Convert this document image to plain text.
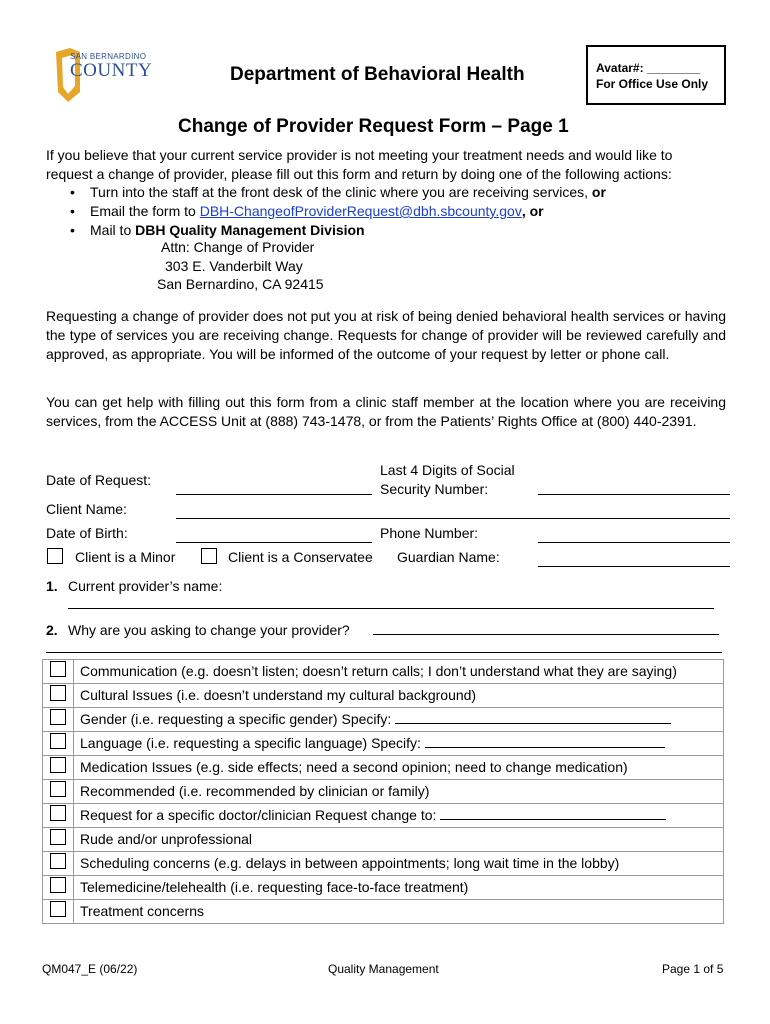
SAN BERNARDINO
COUNTY	Department of Behavioral Health	Avatar#: ________
For Office Use Only
Change of Provider Request Form – Page 1
If you believe that your current service provider is not meeting your treatment needs and would like to
request a change of provider, please fill out this form and return by doing one of the following actions:
• Turn into the staff at the front desk of the clinic where you are receiving services, or
• Email the form to DBH-ChangeofProviderRequest@dbh.sbcounty.gov, or
• Mail to DBH Quality Management Division
Attn: Change of Provider
303 E. Vanderbilt Way
San Bernardino, CA 92415
Requesting a change of provider does not put you at risk of being denied behavioral health services or having the type of services you are receiving change. Requests for change of provider will be reviewed carefully and approved, as appropriate. You will be informed of the outcome of your request by letter or phone call.
You can get help with filling out this form from a clinic staff member at the location where you are receiving services, from the ACCESS Unit at (888) 743-1478, or from the Patients’ Rights Office at (800) 440-2391.
Date of Request:
Last 4 Digits of Social
Security Number:
Client Name:
Date of Birth:	Phone Number:
Client is a Minor	Client is a Conservatee Guardian Name:
1. Current provider’s name:
2. Why are you asking to change your provider?
	Communication (e.g. doesn’t listen; doesn’t return calls; I don’t understand what they are saying)
	Cultural Issues (i.e. doesn’t understand my cultural background)
	Gender (i.e. requesting a specific gender) Specify:
	Language (i.e. requesting a specific language) Specify:
	Medication Issues (e.g. side effects; need a second opinion; need to change medication)
	Recommended (i.e. recommended by clinician or family)
	Request for a specific doctor/clinician Request change to:
	Rude and/or unprofessional
	Scheduling concerns (e.g. delays in between appointments; long wait time in the lobby)
	Telemedicine/telehealth (i.e. requesting face-to-face treatment)
	Treatment concerns
QM047_E (06/22)	Quality Management	Page 1 of 5
